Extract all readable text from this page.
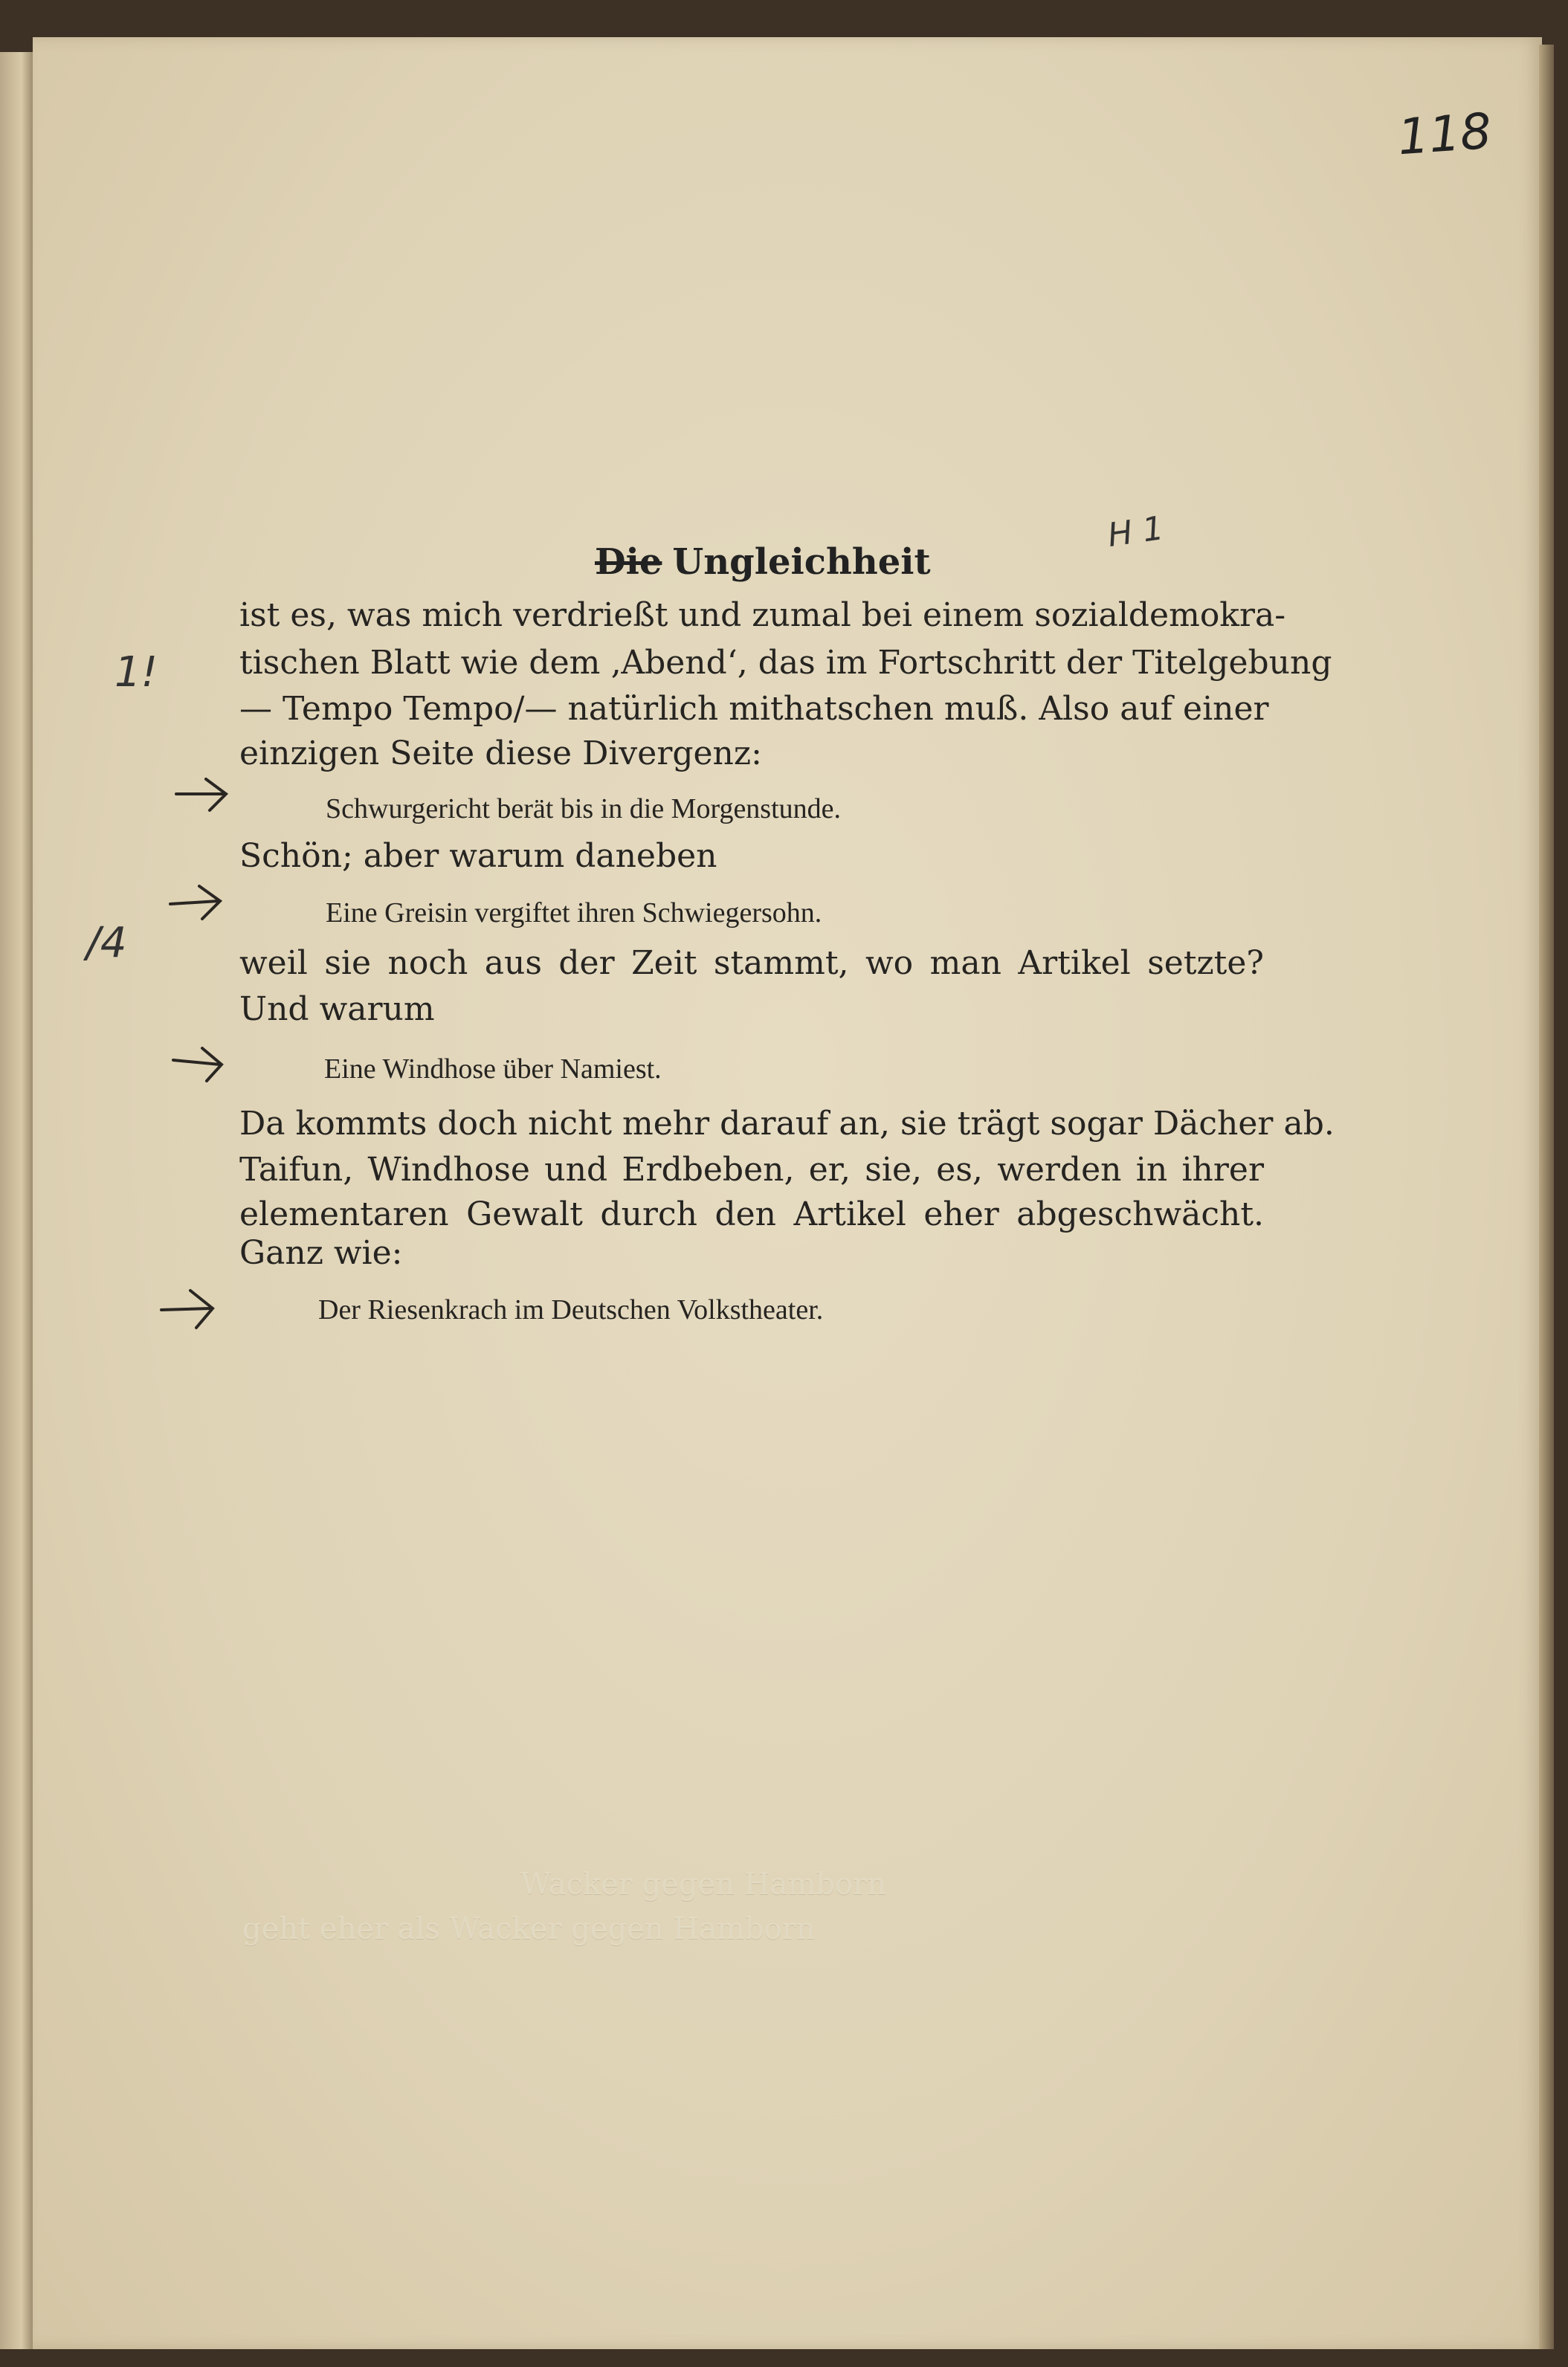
118
Die Ungleichheit
H 1
1!
/4
ist es, was mich verdrießt und zumal bei einem sozialdemokra-
tischen Blatt wie dem ‚Abend‘, das im Fortschritt der Titelgebung
— Tempo Tempo/— natürlich mithatschen muß. Also auf einer
einzigen Seite diese Divergenz:
Schwurgericht berät bis in die Morgenstunde.
Schön; aber warum daneben
Eine Greisin vergiftet ihren Schwiegersohn.
weil sie noch aus der Zeit stammt, wo man Artikel setzte?
Und warum
Eine Windhose über Namiest.
Da kommts doch nicht mehr darauf an, sie trägt sogar Dächer ab.
Taifun, Windhose und Erdbeben, er, sie, es, werden in ihrer
elementaren Gewalt durch den Artikel eher abgeschwächt.
Ganz wie:
Der Riesenkrach im Deutschen Volkstheater.
Wacker gegen Hamborn
geht eher als Wacker gegen Hamborn
